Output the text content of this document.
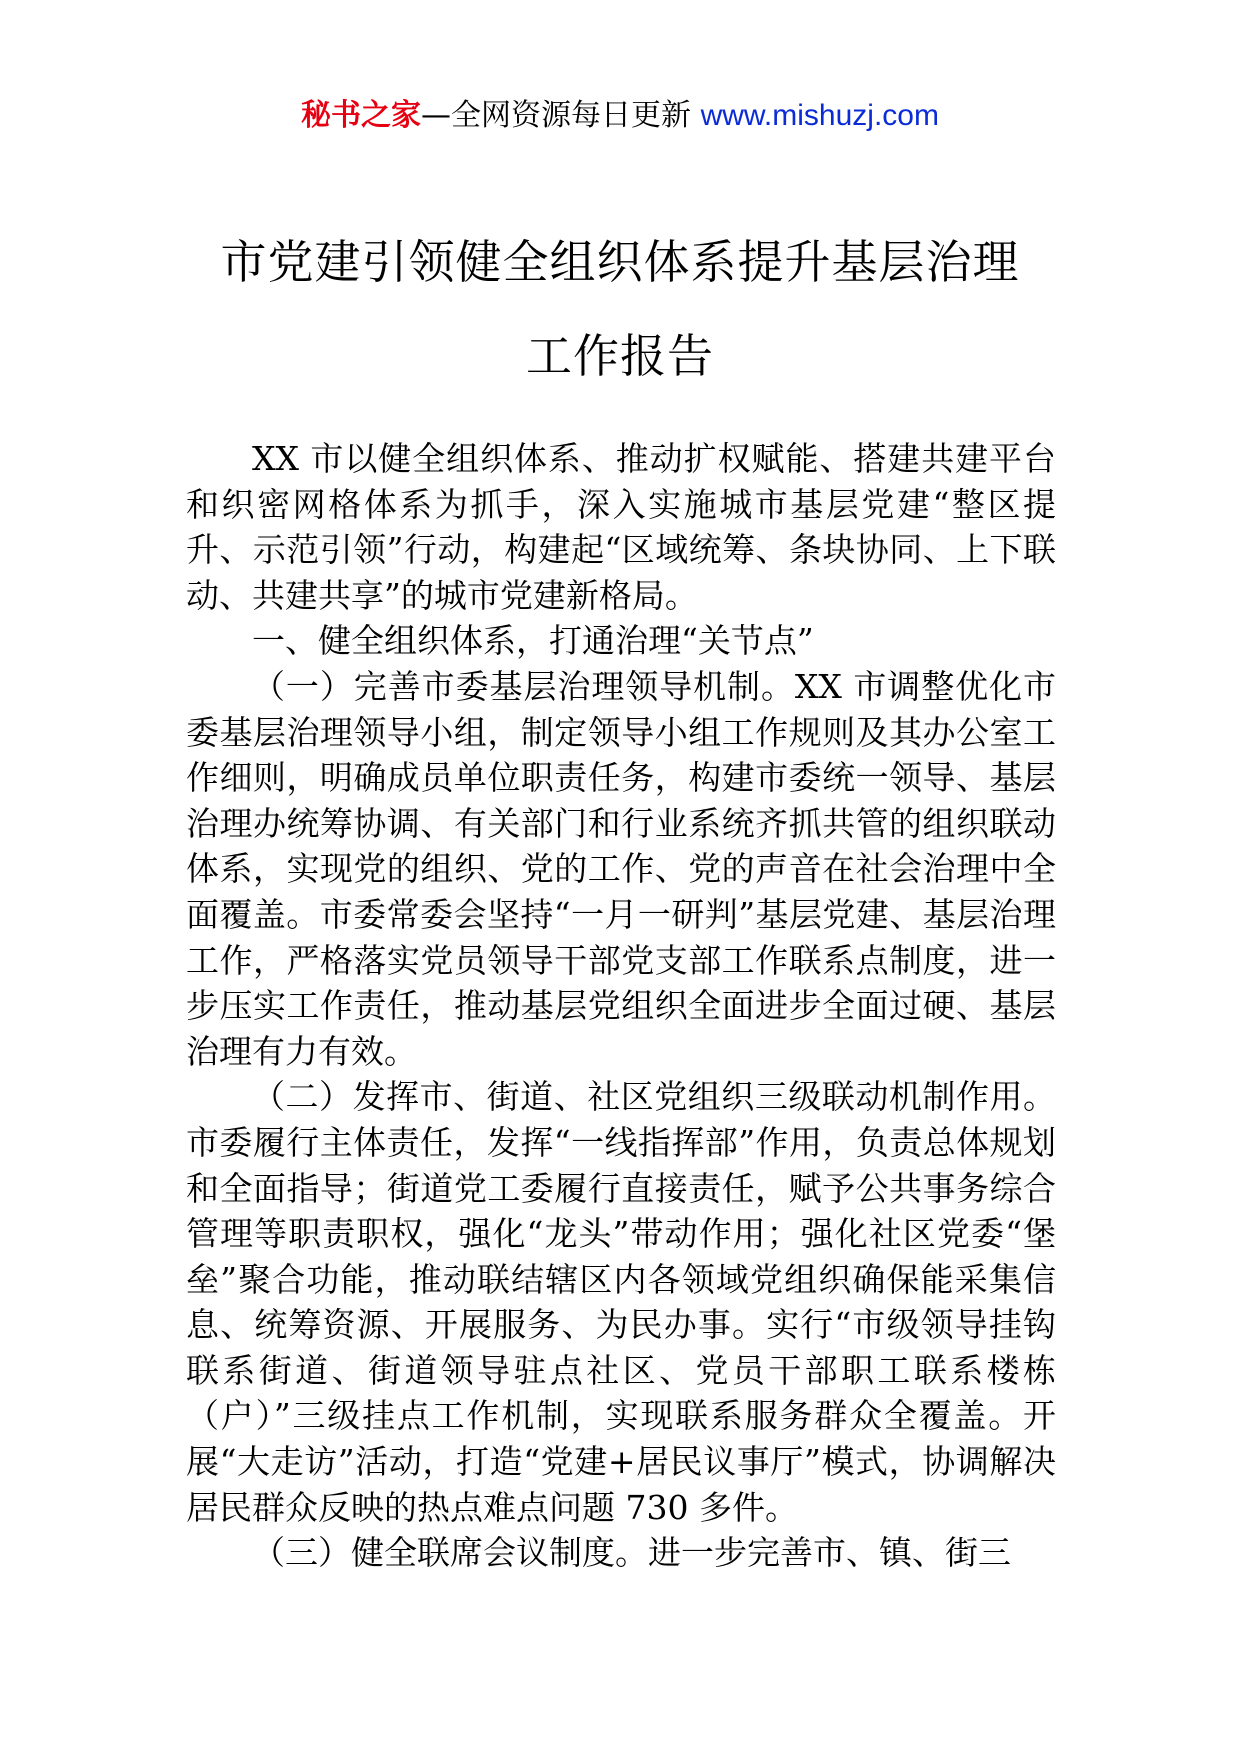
秘书之家—全网资源每日更新 www.mishuzj.com
市党建引领健全组织体系提升基层治理
工作报告

XX 市以健全组织体系、推动扩权赋能、搭建共建平台和织密网格体系为抓手，深入实施城市基层党建“整区提升、示范引领”行动，构建起“区域统筹、条块协同、上下联动、共建共享”的城市党建新格局。

一、健全组织体系，打通治理“关节点”

（一）完善市委基层治理领导机制。XX 市调整优化市委基层治理领导小组，制定领导小组工作规则及其办公室工作细则，明确成员单位职责任务，构建市委统一领导、基层治理办统筹协调、有关部门和行业系统齐抓共管的组织联动体系，实现党的组织、党的工作、党的声音在社会治理中全面覆盖。市委常委会坚持“一月一研判”基层党建、基层治理工作，严格落实党员领导干部党支部工作联系点制度，进一步压实工作责任，推动基层党组织全面进步全面过硬、基层治理有力有效。

（二）发挥市、街道、社区党组织三级联动机制作用。市委履行主体责任，发挥“一线指挥部”作用，负责总体规划和全面指导；街道党工委履行直接责任，赋予公共事务综合管理等职责职权，强化“龙头”带动作用；强化社区党委“堡垒”聚合功能，推动联结辖区内各领域党组织确保能采集信息、统筹资源、开展服务、为民办事。实行“市级领导挂钩联系街道、街道领导驻点社区、党员干部职工联系楼栋（户）”三级挂点工作机制，实现联系服务群众全覆盖。开展“大走访”活动，打造“党建+居民议事厅”模式，协调解决居民群众反映的热点难点问题 730 多件。

（三）健全联席会议制度。进一步完善市、镇、街三
